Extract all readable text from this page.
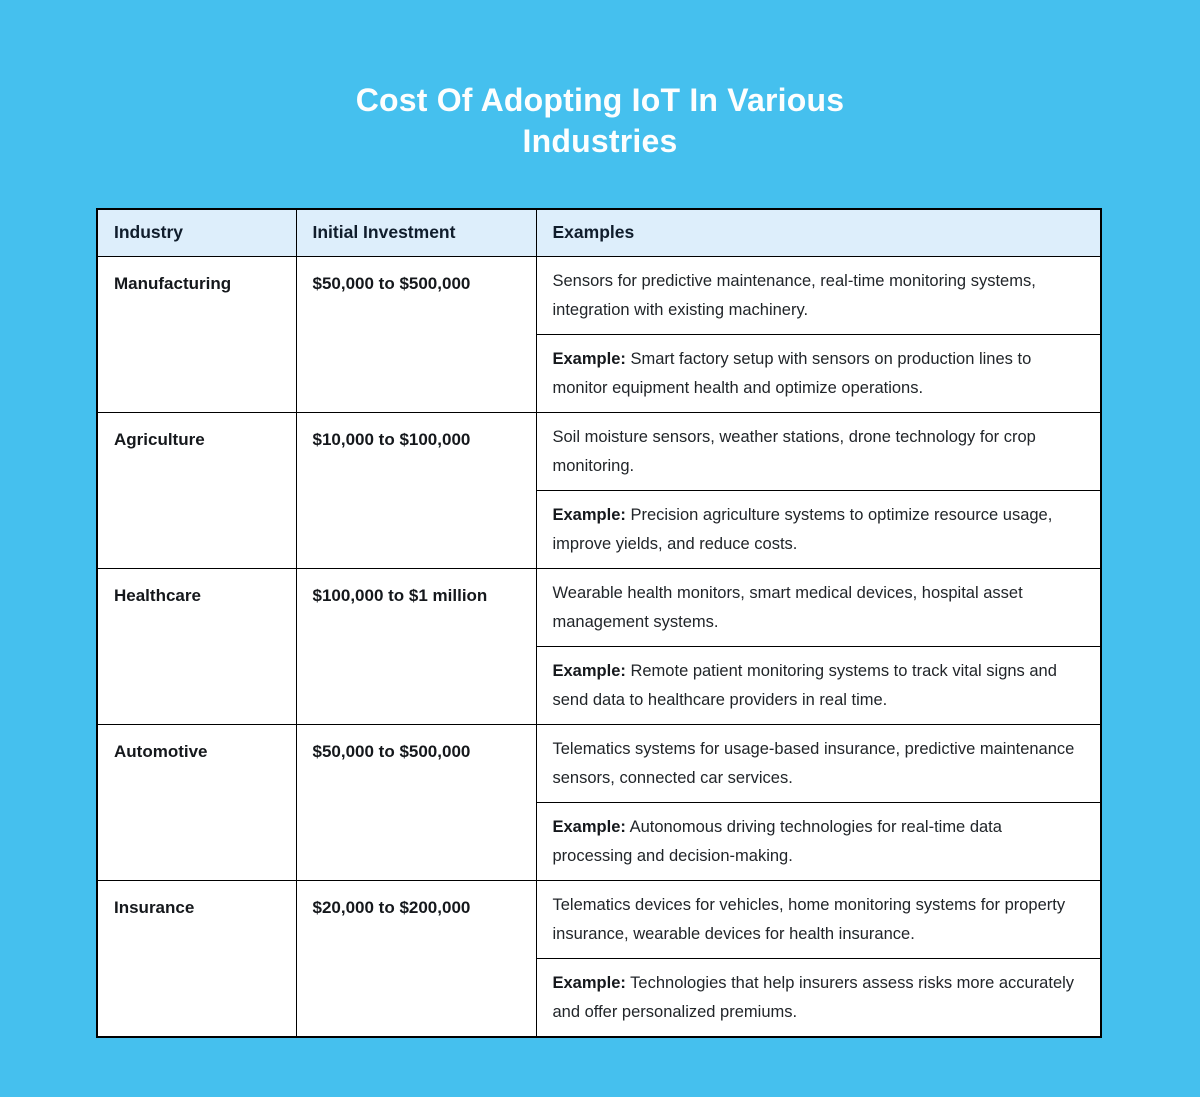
Cost Of Adopting IoT In Various
Industries
Industry	Initial Investment	Examples
Manufacturing	$50,000 to $500,000	Sensors for predictive maintenance, real-time monitoring systems, integration with existing machinery.
		Example: Smart factory setup with sensors on production lines to monitor equipment health and optimize operations.
Agriculture	$10,000 to $100,000	Soil moisture sensors, weather stations, drone technology for crop monitoring.
		Example: Precision agriculture systems to optimize resource usage, improve yields, and reduce costs.
Healthcare	$100,000 to $1 million	Wearable health monitors, smart medical devices, hospital asset management systems.
		Example: Remote patient monitoring systems to track vital signs and send data to healthcare providers in real time.
Automotive	$50,000 to $500,000	Telematics systems for usage-based insurance, predictive maintenance sensors, connected car services.
		Example: Autonomous driving technologies for real-time data processing and decision-making.
Insurance	$20,000 to $200,000	Telematics devices for vehicles, home monitoring systems for property insurance, wearable devices for health insurance.
		Example: Technologies that help insurers assess risks more accurately and offer personalized premiums.
